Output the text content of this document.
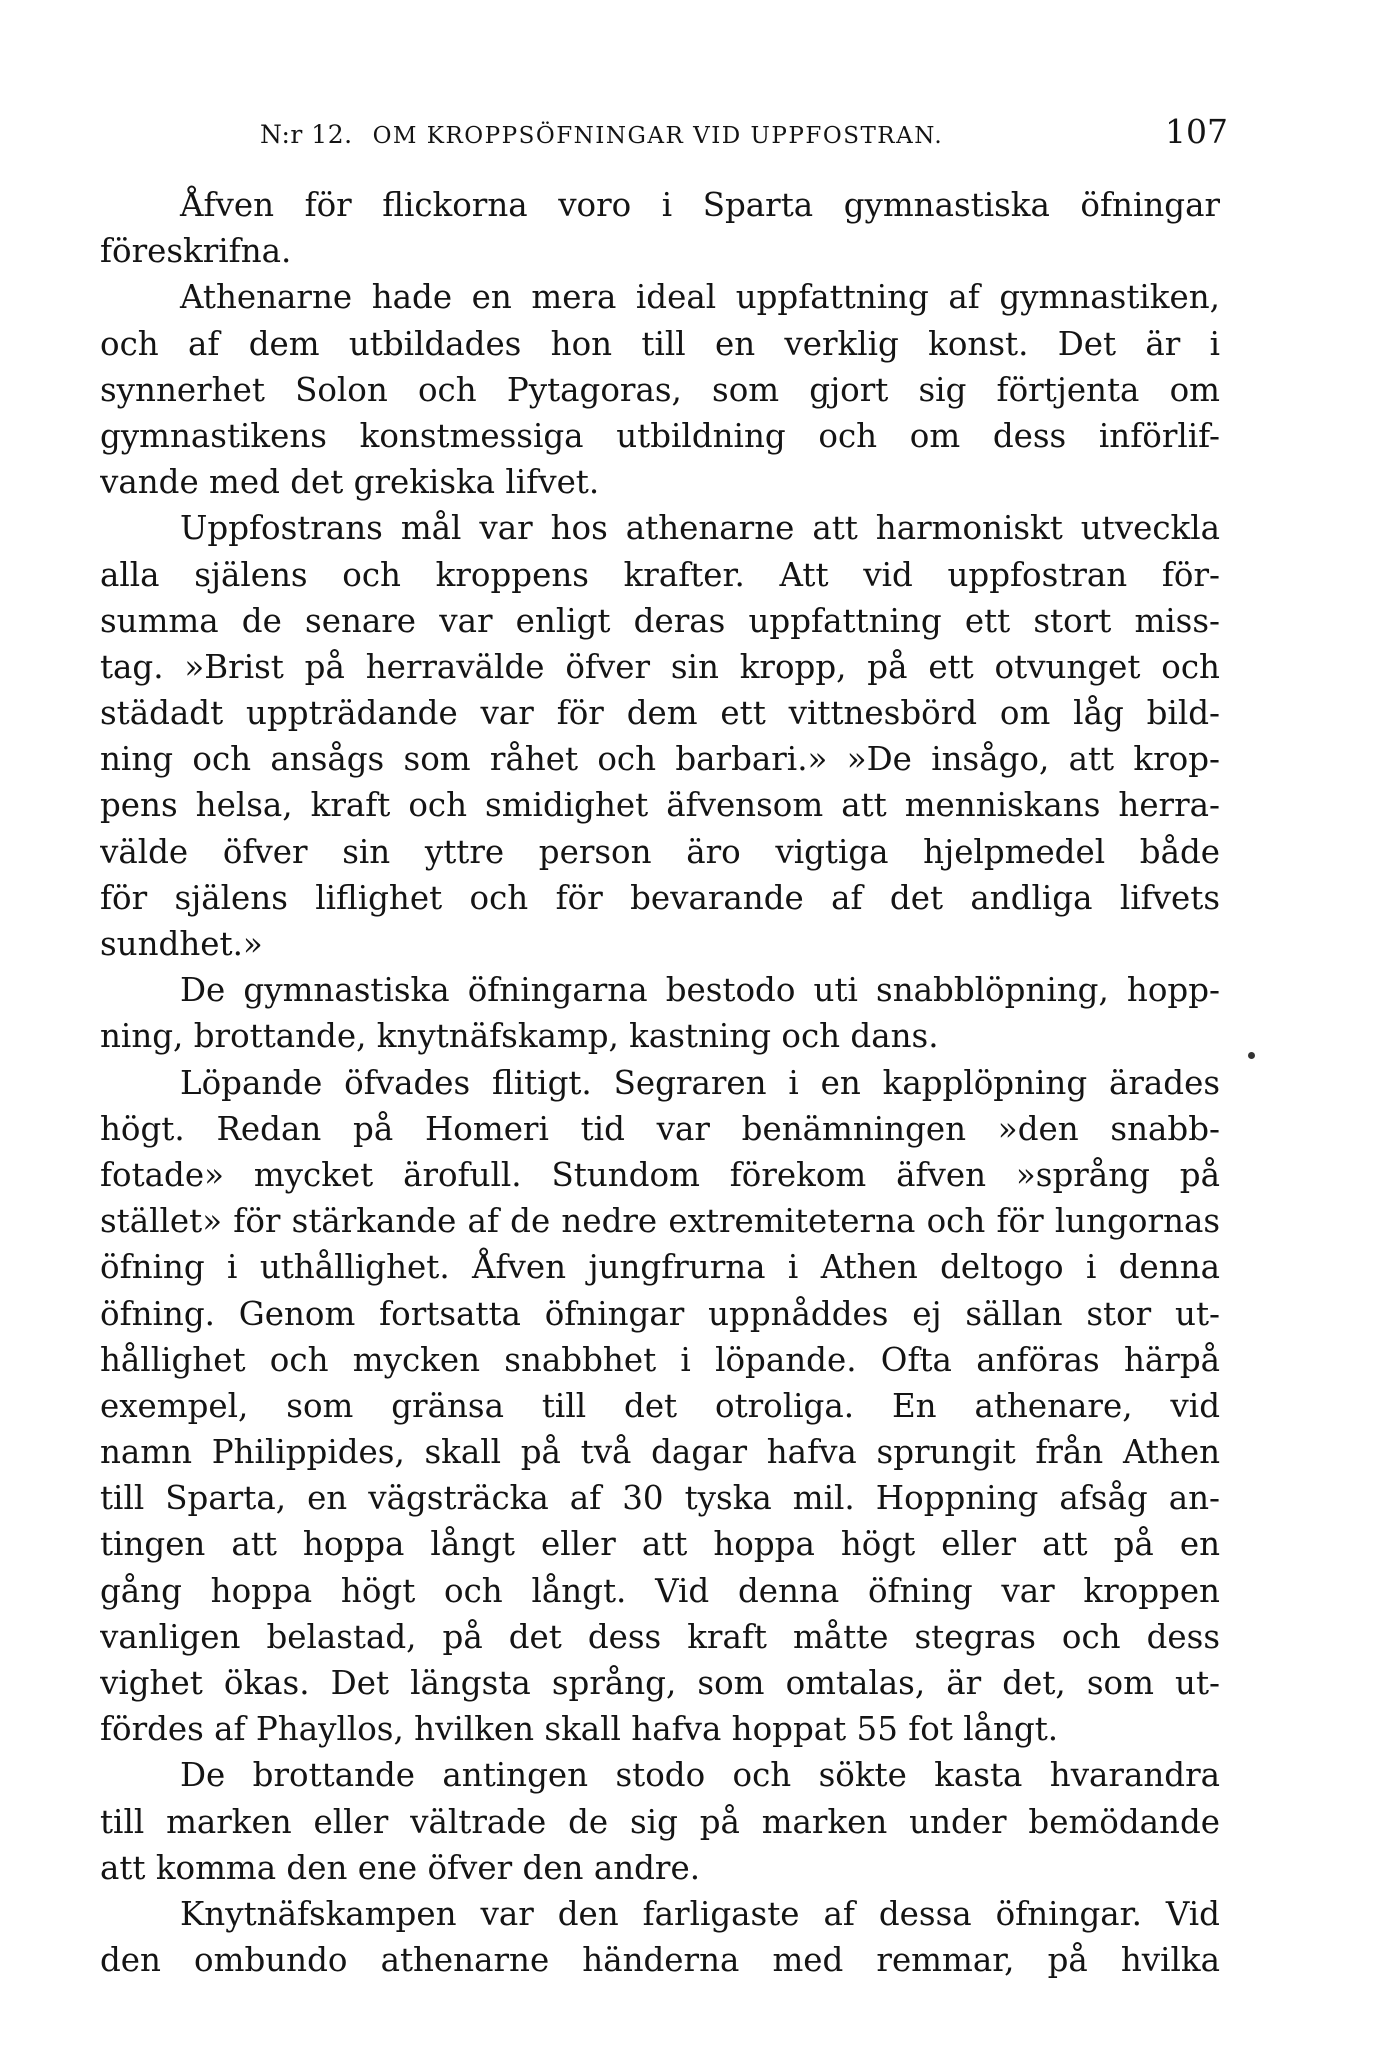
N:r 12. OM KROPPSÖFNINGAR VID UPPFOSTRAN.	107
Åfven för flickorna voro i Sparta gymnastiska öfningar
föreskrifna.
Athenarne hade en mera ideal uppfattning af gymnastiken,
och af dem utbildades hon till en verklig konst. Det är i
synnerhet Solon och Pytagoras, som gjort sig förtjenta om
gymnastikens konstmessiga utbildning och om dess införlif-
vande med det grekiska lifvet.
Uppfostrans mål var hos athenarne att harmoniskt utveckla
alla själens och kroppens krafter. Att vid uppfostran för-
summa de senare var enligt deras uppfattning ett stort miss-
tag. »Brist på herravälde öfver sin kropp, på ett otvunget och
städadt uppträdande var för dem ett vittnesbörd om låg bild-
ning och ansågs som råhet och barbari.» »De insågo, att krop-
pens helsa, kraft och smidighet äfvensom att menniskans herra-
välde öfver sin yttre person äro vigtiga hjelpmedel både
för själens liflighet och för bevarande af det andliga lifvets
sundhet.»
De gymnastiska öfningarna bestodo uti snabblöpning, hopp-
ning, brottande, knytnäfskamp, kastning och dans.
Löpande öfvades flitigt. Segraren i en kapplöpning ärades
högt. Redan på Homeri tid var benämningen »den snabb-
fotade» mycket ärofull. Stundom förekom äfven »språng på
stället» för stärkande af de nedre extremiteterna och för lungornas
öfning i uthållighet. Åfven jungfrurna i Athen deltogo i denna
öfning. Genom fortsatta öfningar uppnåddes ej sällan stor ut-
hållighet och mycken snabbhet i löpande. Ofta anföras härpå
exempel, som gränsa till det otroliga. En athenare, vid
namn Philippides, skall på två dagar hafva sprungit från Athen
till Sparta, en vägsträcka af 30 tyska mil. Hoppning afsåg an-
tingen att hoppa långt eller att hoppa högt eller att på en
gång hoppa högt och långt. Vid denna öfning var kroppen
vanligen belastad, på det dess kraft måtte stegras och dess
vighet ökas. Det längsta språng, som omtalas, är det, som ut-
fördes af Phayllos, hvilken skall hafva hoppat 55 fot långt.
De brottande antingen stodo och sökte kasta hvarandra
till marken eller vältrade de sig på marken under bemödande
att komma den ene öfver den andre.
Knytnäfskampen var den farligaste af dessa öfningar. Vid
den ombundo athenarne händerna med remmar, på hvilka
